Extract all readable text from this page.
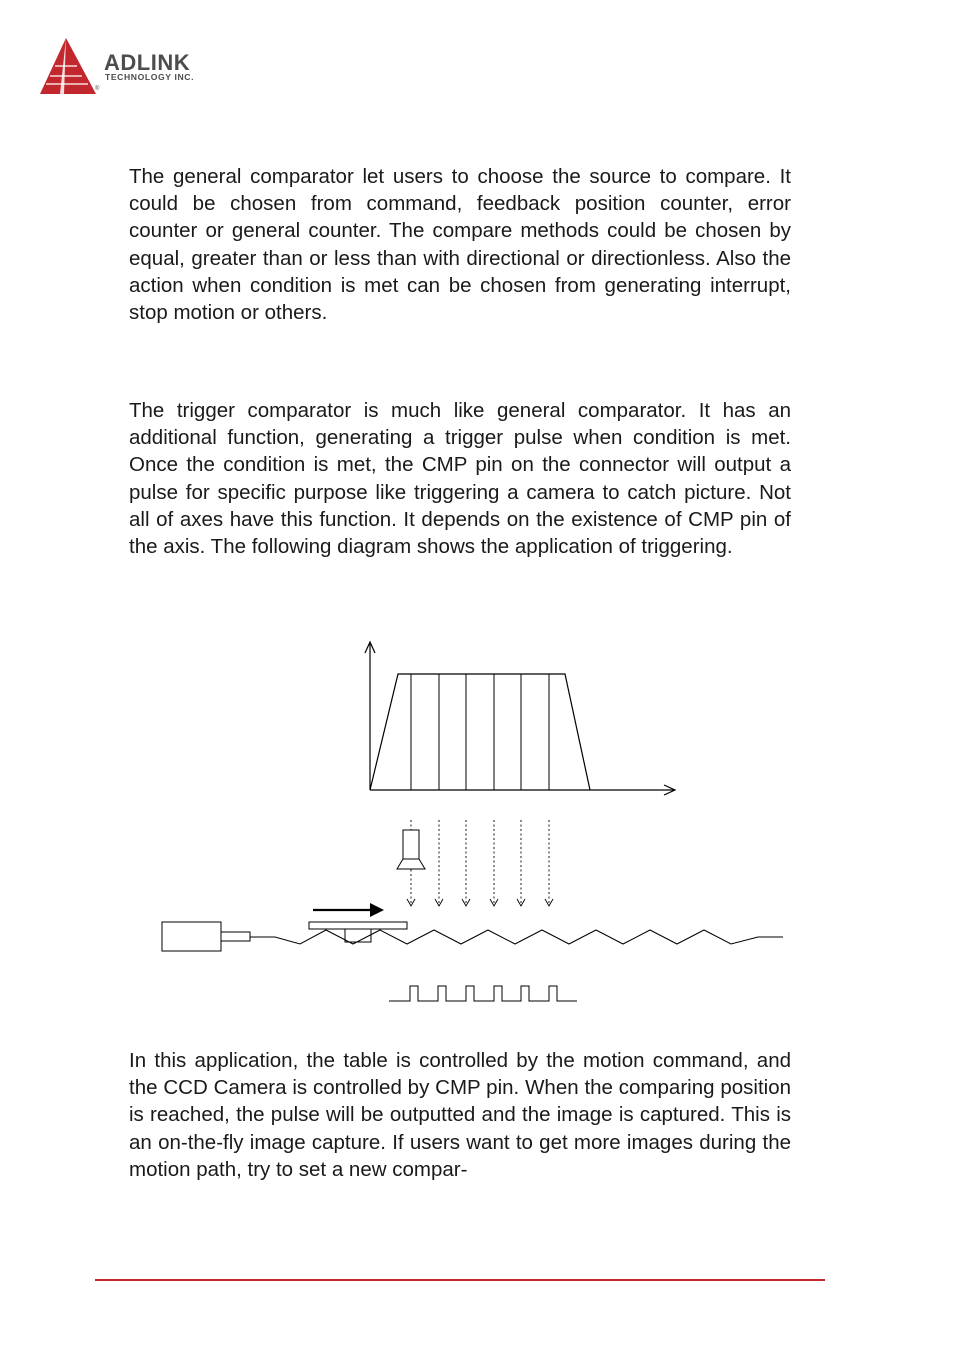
ADLINK
TECHNOLOGY INC.
®

The general comparator let users to choose the source to compare. It could be chosen from command, feedback position counter, error counter or general counter. The compare methods could be chosen by equal, greater than or less than with directional or directionless. Also the action when condition is met can be chosen from generating interrupt, stop motion or others.

The trigger comparator is much like general comparator. It has an additional function, generating a trigger pulse when condition is met. Once the condition is met, the CMP pin on the connector will output a pulse for specific purpose like triggering a camera to catch picture. Not all of axes have this function. It depends on the existence of CMP pin of the axis. The following diagram shows the application of triggering.

In this application, the table is controlled by the motion command, and the CCD Camera is controlled by CMP pin. When the comparing position is reached, the pulse will be outputted and the image is captured. This is an on-the-fly image capture. If users want to get more images during the motion path, try to set a new compar-
